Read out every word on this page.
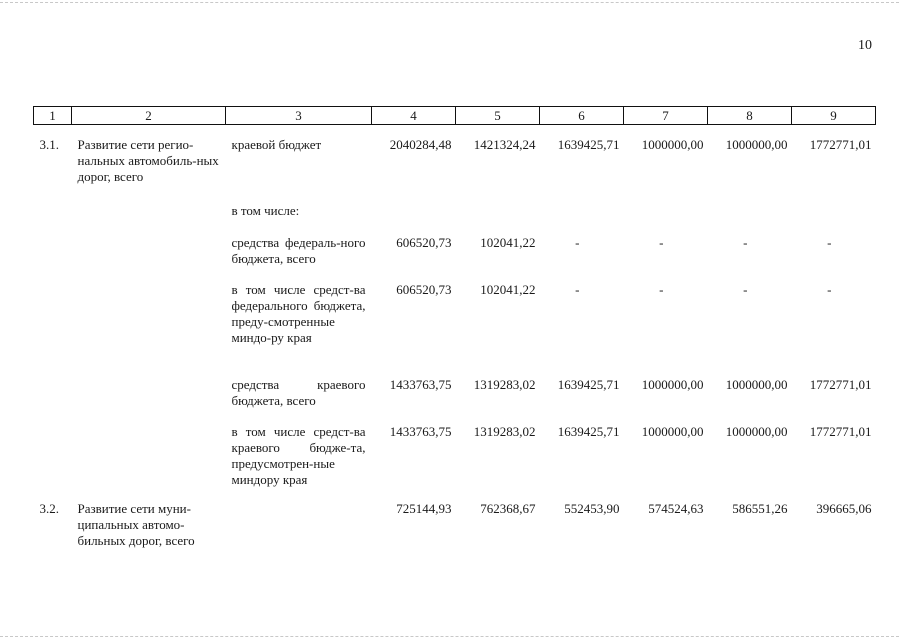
10
1	2	3	4	5	6	7	8	9
3.1.	Развитие сети регио-нальных автомобиль-ных дорог, всего	краевой бюджет	2040284,48	1421324,24	1639425,71	1000000,00	1000000,00	1772771,01
		в том числе:						
		средства федераль-ного бюджета, всего	606520,73	102041,22	-	-	-	-
		в том числе средст-ва федерального бюджета, преду-смотренные миндо-ру края	606520,73	102041,22	-	-	-	-
		средства краевого бюджета, всего	1433763,75	1319283,02	1639425,71	1000000,00	1000000,00	1772771,01
		в том числе средст-ва краевого бюдже-та, предусмотрен-ные миндору края	1433763,75	1319283,02	1639425,71	1000000,00	1000000,00	1772771,01
3.2.	Развитие сети муни-ципальных автомо-бильных дорог, всего		725144,93	762368,67	552453,90	574524,63	586551,26	396665,06
